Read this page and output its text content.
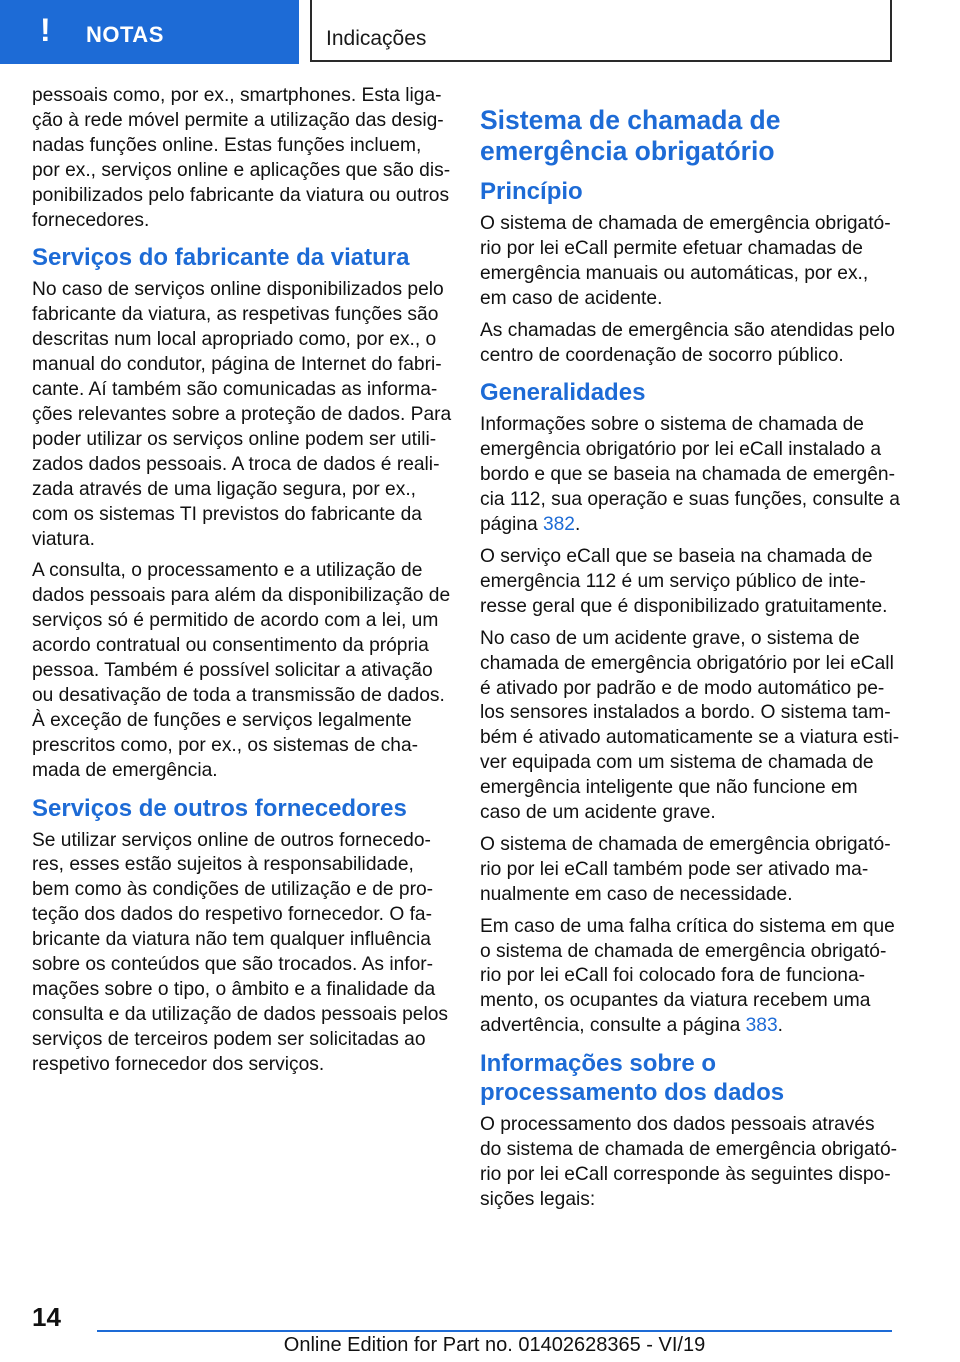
! NOTAS	Indicações

pessoais como, por ex., smartphones. Esta ligação à rede móvel permite a utilização das designadas funções online. Estas funções incluem, por ex., serviços online e aplicações que são disponibilizados pelo fabricante da viatura ou outros fornecedores.

Serviços do fabricante da viatura

No caso de serviços online disponibilizados pelo fabricante da viatura, as respetivas funções são descritas num local apropriado como, por ex., o manual do condutor, página de Internet do fabricante. Aí também são comunicadas as informações relevantes sobre a proteção de dados. Para poder utilizar os serviços online podem ser utilizados dados pessoais. A troca de dados é realizada através de uma ligação segura, por ex., com os sistemas TI previstos do fabricante da viatura.

A consulta, o processamento e a utilização de dados pessoais para além da disponibilização de serviços só é permitido de acordo com a lei, um acordo contratual ou consentimento da própria pessoa. Também é possível solicitar a ativação ou desativação de toda a transmissão de dados. À exceção de funções e serviços legalmente prescritos como, por ex., os sistemas de chamada de emergência.

Serviços de outros fornecedores

Se utilizar serviços online de outros fornecedores, esses estão sujeitos à responsabilidade, bem como às condições de utilização e de proteção dos dados do respetivo fornecedor. O fabricante da viatura não tem qualquer influência sobre os conteúdos que são trocados. As informações sobre o tipo, o âmbito e a finalidade da consulta e da utilização de dados pessoais pelos serviços de terceiros podem ser solicitadas ao respetivo fornecedor dos serviços.

Sistema de chamada de emergência obrigatório
Princípio

O sistema de chamada de emergência obrigatório por lei eCall permite efetuar chamadas de emergência manuais ou automáticas, por ex., em caso de acidente.

As chamadas de emergência são atendidas pelo centro de coordenação de socorro público.

Generalidades

Informações sobre o sistema de chamada de emergência obrigatório por lei eCall instalado a bordo e que se baseia na chamada de emergência 112, sua operação e suas funções, consulte a página 382.

O serviço eCall que se baseia na chamada de emergência 112 é um serviço público de interesse geral que é disponibilizado gratuitamente.

No caso de um acidente grave, o sistema de chamada de emergência obrigatório por lei eCall é ativado por padrão e de modo automático pelos sensores instalados a bordo. O sistema também é ativado automaticamente se a viatura estiver equipada com um sistema de chamada de emergência inteligente que não funcione em caso de um acidente grave.

O sistema de chamada de emergência obrigatório por lei eCall também pode ser ativado manualmente em caso de necessidade.

Em caso de uma falha crítica do sistema em que o sistema de chamada de emergência obrigatório por lei eCall foi colocado fora de funcionamento, os ocupantes da viatura recebem uma advertência, consulte a página 383.

Informações sobre o processamento dos dados

O processamento dos dados pessoais através do sistema de chamada de emergência obrigatório por lei eCall corresponde às seguintes disposições legais:

14
Online Edition for Part no. 01402628365 - VI/19
